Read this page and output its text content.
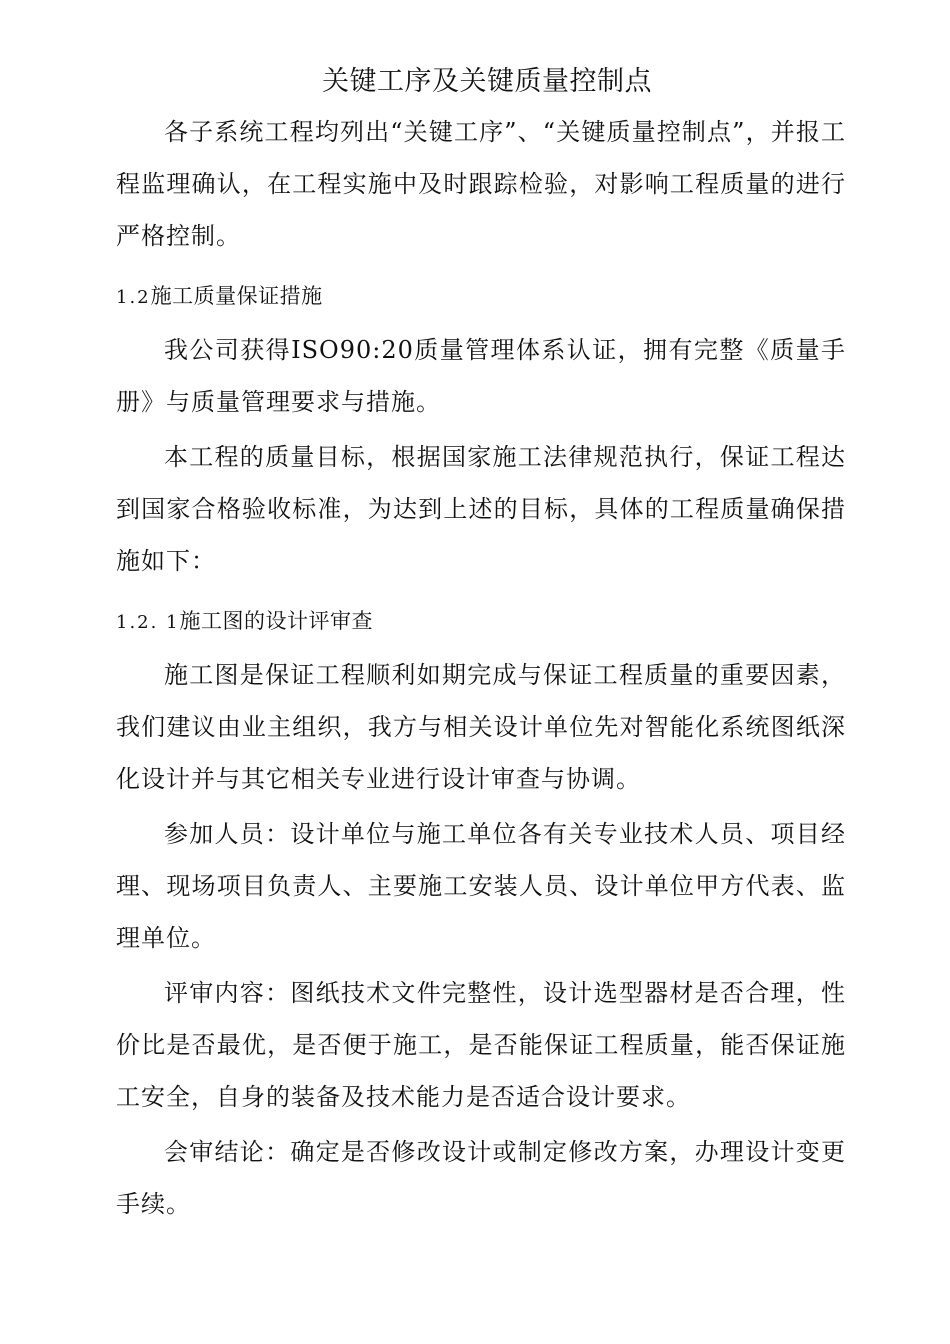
关键工序及关键质量控制点

各子系统工程均列出“关键工序”、“关键质量控制点”，并报工程监理确认，在工程实施中及时跟踪检验，对影响工程质量的进行严格控制。

1.2施工质量保证措施

我公司获得ISO90:20质量管理体系认证，拥有完整《质量手册》与质量管理要求与措施。

本工程的质量目标，根据国家施工法律规范执行，保证工程达到国家合格验收标准，为达到上述的目标，具体的工程质量确保措施如下：

1.2. 1施工图的设计评审查

施工图是保证工程顺利如期完成与保证工程质量的重要因素，我们建议由业主组织，我方与相关设计单位先对智能化系统图纸深化设计并与其它相关专业进行设计审查与协调。

参加人员：设计单位与施工单位各有关专业技术人员、项目经理、现场项目负责人、主要施工安装人员、设计单位甲方代表、监理单位。

评审内容：图纸技术文件完整性，设计选型器材是否合理，性价比是否最优，是否便于施工，是否能保证工程质量，能否保证施工安全，自身的装备及技术能力是否适合设计要求。

会审结论：确定是否修改设计或制定修改方案，办理设计变更手续。
